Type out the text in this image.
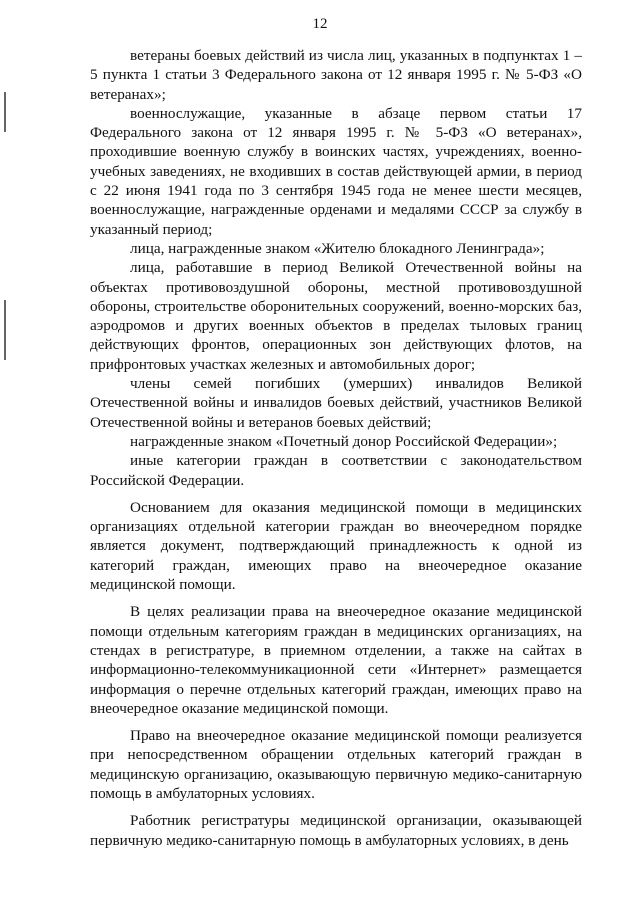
12

ветераны боевых действий из числа лиц, указанных в подпунктах 1 – 5 пункта 1 статьи 3 Федерального закона от 12 января 1995 г. № 5-ФЗ «О ветеранах»;

военнослужащие, указанные в абзаце первом статьи 17 Федерального закона от 12 января 1995 г. № 5-ФЗ «О ветеранах», проходившие военную службу в воинских частях, учреждениях, военно-учебных заведениях, не входивших в состав действующей армии, в период с 22 июня 1941 года по 3 сентября 1945 года не менее шести месяцев, военнослужащие, награжденные орденами и медалями СССР за службу в указанный период;

лица, награжденные знаком «Жителю блокадного Ленинграда»;

лица, работавшие в период Великой Отечественной войны на объектах противовоздушной обороны, местной противовоздушной обороны, строительстве оборонительных сооружений, военно-морских баз, аэродромов и других военных объектов в пределах тыловых границ действующих фронтов, операционных зон действующих флотов, на прифронтовых участках железных и автомобильных дорог;

члены семей погибших (умерших) инвалидов Великой Отечественной войны и инвалидов боевых действий, участников Великой Отечественной войны и ветеранов боевых действий;

награжденные знаком «Почетный донор Российской Федерации»;

иные категории граждан в соответствии с законодательством Российской Федерации.

Основанием для оказания медицинской помощи в медицинских организациях отдельной категории граждан во внеочередном порядке является документ, подтверждающий принадлежность к одной из категорий граждан, имеющих право на внеочередное оказание медицинской помощи.

В целях реализации права на внеочередное оказание медицинской помощи отдельным категориям граждан в медицинских организациях, на стендах в регистратуре, в приемном отделении, а также на сайтах в информационно-телекоммуникационной сети «Интернет» размещается информация о перечне отдельных категорий граждан, имеющих право на внеочередное оказание медицинской помощи.

Право на внеочередное оказание медицинской помощи реализуется при непосредственном обращении отдельных категорий граждан в медицинскую организацию, оказывающую первичную медико-санитарную помощь в амбулаторных условиях.

Работник регистратуры медицинской организации, оказывающей первичную медико-санитарную помощь в амбулаторных условиях, в день
